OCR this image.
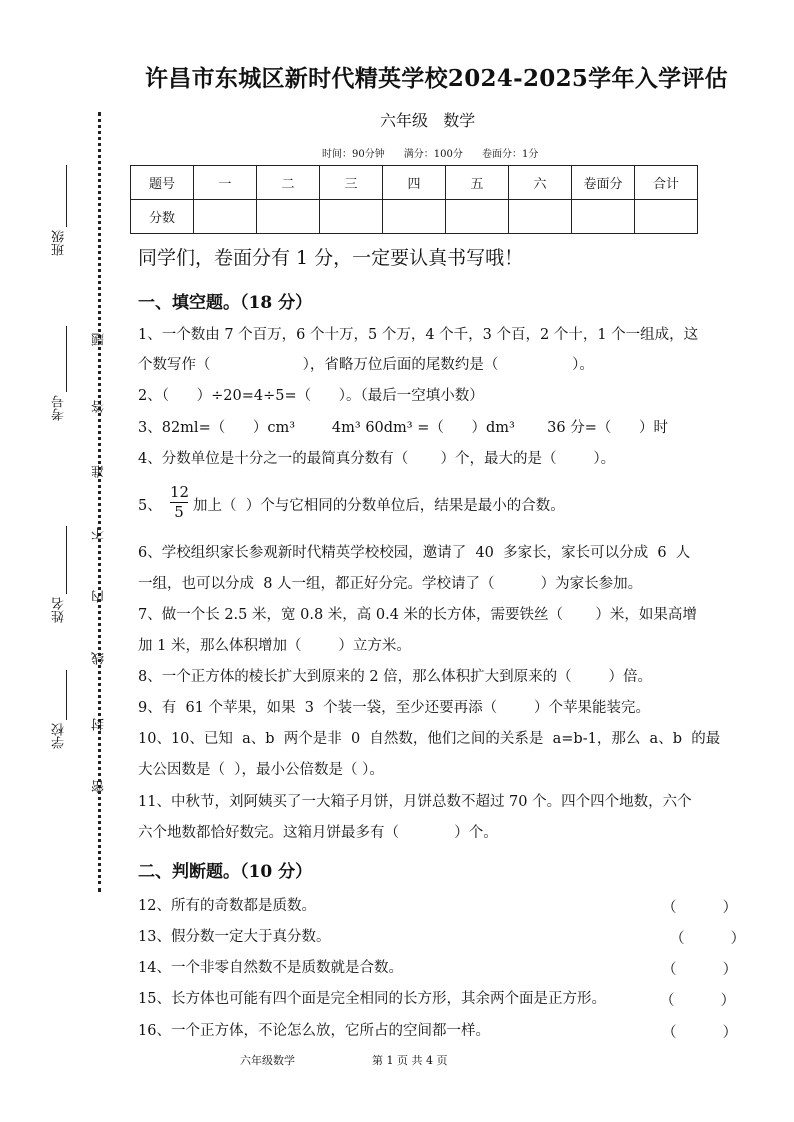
许昌市东城区新时代精英学校2024-2025学年入学评估
六年级   数学
时间：90分钟      满分：100分      卷面分：1分
题号	一	二	三	四	五	六	卷面分	合计
分数								
同学们，卷面分有 1 分，一定要认真书写哦！
一、填空题。（18 分）
1、一个数由 7 个百万，6 个十万，5 个万，4 个千，3 个百，2 个十，1 个一组成，这
个数写作（                    ），省略万位后面的尾数约是（                ）。
2、（      ）÷20=4÷5=（      ）。（最后一空填小数）
3、82ml=（      ）cm³        4m³ 60dm³ =（      ）dm³       36 分=（      ）时
4、分数单位是十分之一的最简真分数有（       ）个，最大的是（        ）。
5、
12
5 加上（  ）个与它相同的分数单位后，结果是最小的合数。
6、学校组织家长参观新时代精英学校校园，邀请了  40  多家长，家长可以分成  6  人
一组，也可以分成  8 人一组，都正好分完。学校请了（          ）为家长参加。
7、做一个长 2.5 米，宽 0.8 米，高 0.4 米的长方体，需要铁丝（       ）米，如果高增
加 1 米，那么体积增加（        ）立方米。
8、一个正方体的棱长扩大到原来的 2 倍，那么体积扩大到原来的（        ）倍。
9、有  61 个苹果，如果  3  个装一袋，至少还要再添（        ）个苹果能装完。
10、10、已知  a、b  两个是非  0  自然数，他们之间的关系是  a=b-1，那么  a、b  的最
大公因数是（  ），最小公倍数是（ ）。
11、中秋节，刘阿姨买了一大箱子月饼，月饼总数不超过 70 个。四个四个地数，六个
六个地数都恰好数完。这箱月饼最多有（            ）个。
二、判断题。（10 分）
12、所有的奇数都是质数。	（          ）
13、假分数一定大于真分数。	（          ）
14、一个非零自然数不是质数就是合数。	（          ）
15、长方体也可能有四个面是完全相同的长方形，其余两个面是正方形。	（          ）
16、一个正方体，不论怎么放，它所占的空间都一样。	（          ）
班级
考号
姓名
学校
密
封
线
内
不
准
答
题
六年级数学	第 1 页 共 4 页
